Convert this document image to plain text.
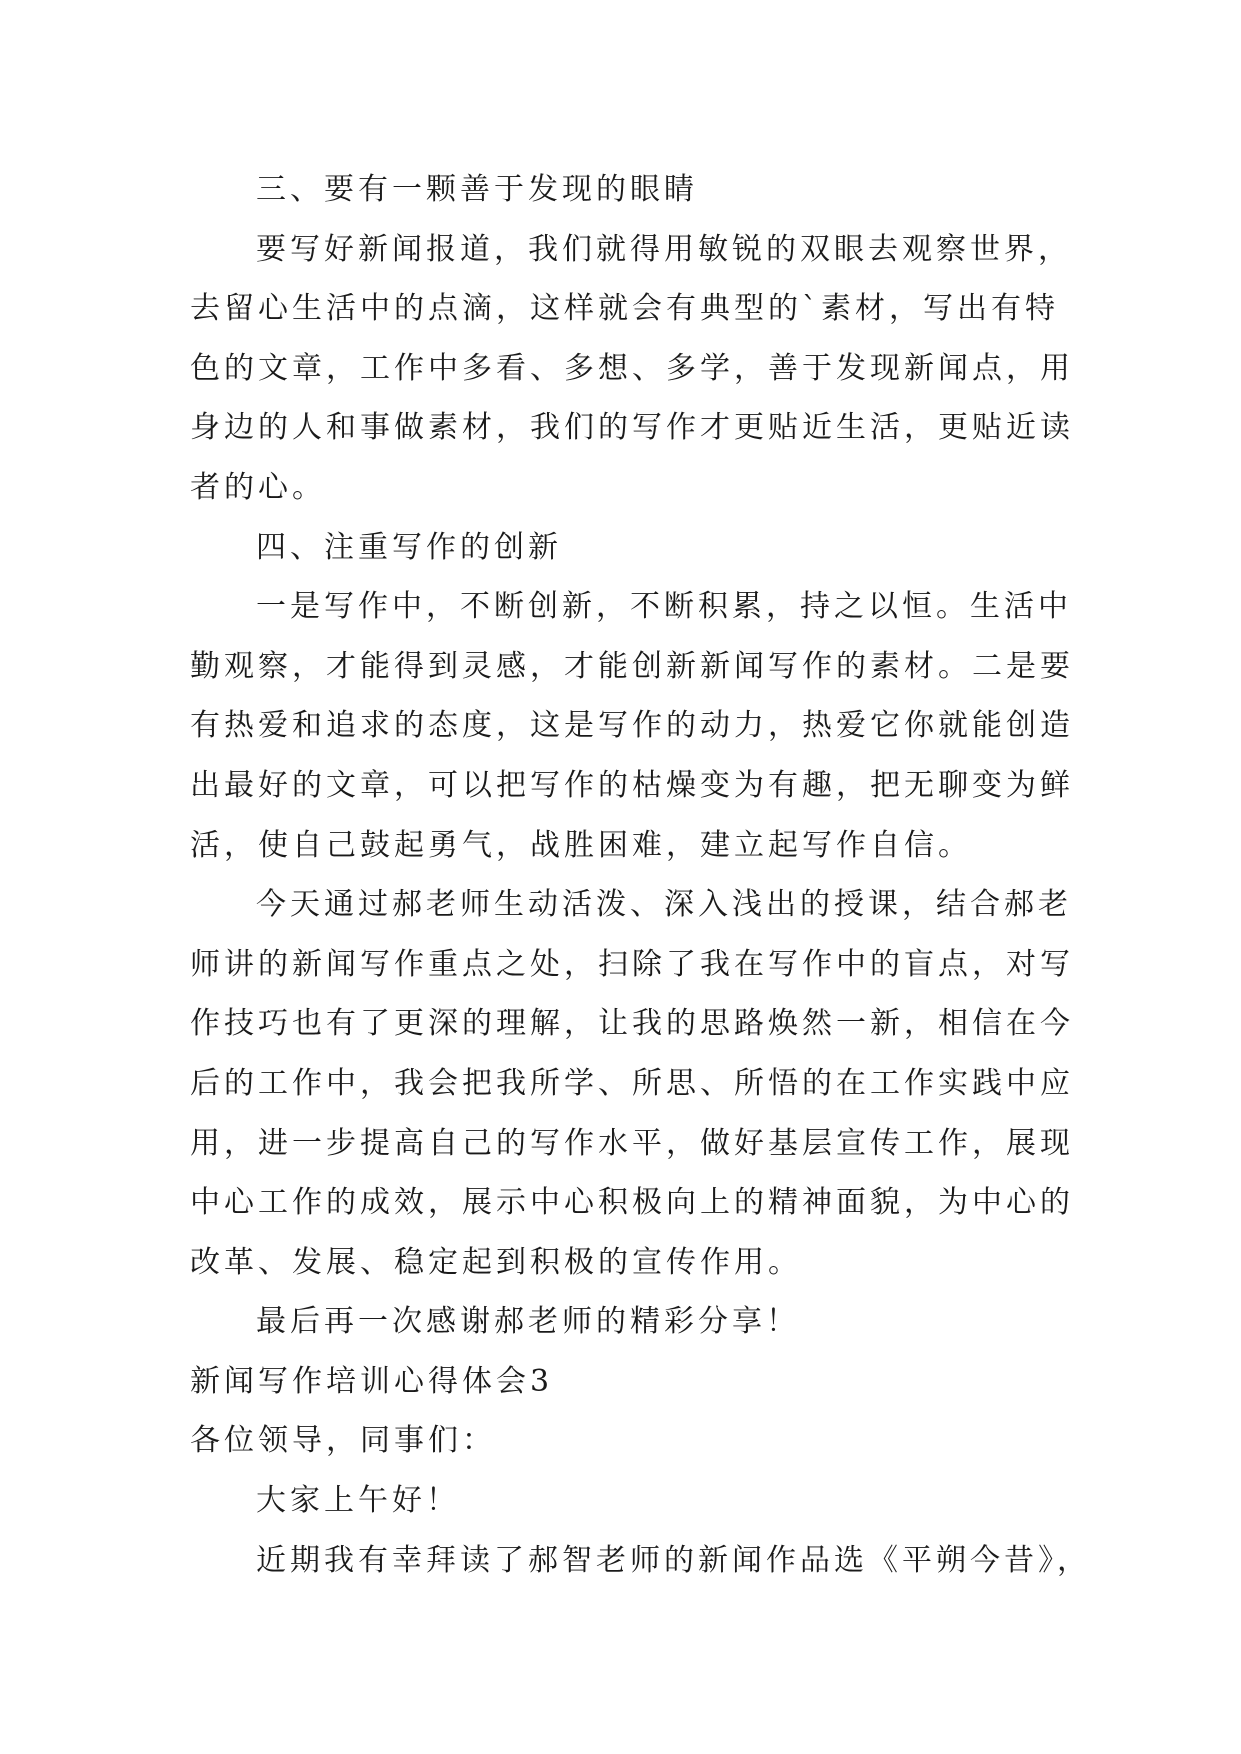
三、要有一颗善于发现的眼睛
要写好新闻报道，我们就得用敏锐的双眼去观察世界，
去留心生活中的点滴，这样就会有典型的`素材，写出有特
色的文章，工作中多看、多想、多学，善于发现新闻点，用
身边的人和事做素材，我们的写作才更贴近生活，更贴近读
者的心。
四、注重写作的创新
一是写作中，不断创新，不断积累，持之以恒。生活中
勤观察，才能得到灵感，才能创新新闻写作的素材。二是要
有热爱和追求的态度，这是写作的动力，热爱它你就能创造
出最好的文章，可以把写作的枯燥变为有趣，把无聊变为鲜
活，使自己鼓起勇气，战胜困难，建立起写作自信。
今天通过郝老师生动活泼、深入浅出的授课，结合郝老
师讲的新闻写作重点之处，扫除了我在写作中的盲点，对写
作技巧也有了更深的理解，让我的思路焕然一新，相信在今
后的工作中，我会把我所学、所思、所悟的在工作实践中应
用，进一步提高自己的写作水平，做好基层宣传工作，展现
中心工作的成效，展示中心积极向上的精神面貌，为中心的
改革、发展、稳定起到积极的宣传作用。
最后再一次感谢郝老师的精彩分享！
新闻写作培训心得体会3
各位领导，同事们：
大家上午好！
近期我有幸拜读了郝智老师的新闻作品选《平朔今昔》，
